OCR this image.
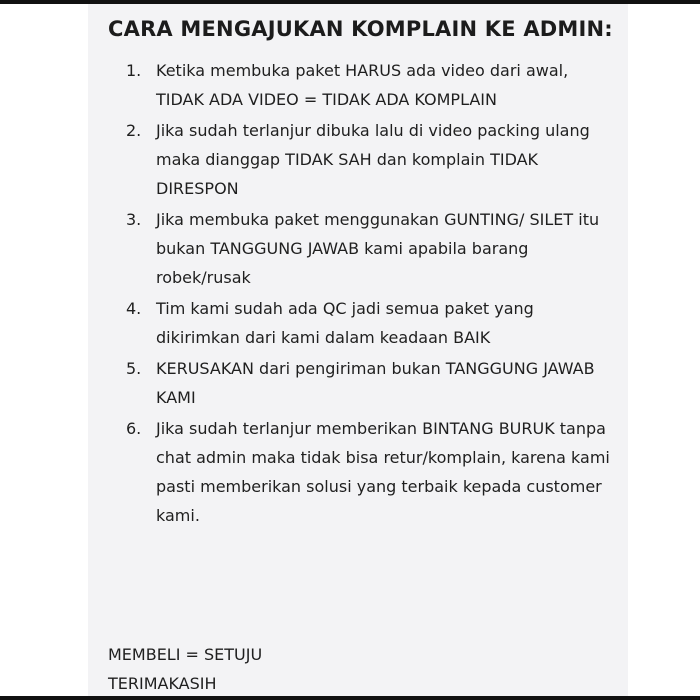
CARA MENGAJUKAN KOMPLAIN KE ADMIN:
1. Ketika membuka paket HARUS ada video dari awal, TIDAK ADA VIDEO = TIDAK ADA KOMPLAIN
2. Jika sudah terlanjur dibuka lalu di video packing ulang maka dianggap TIDAK SAH dan komplain TIDAK DIRESPON
3. Jika membuka paket menggunakan GUNTING/ SILET itu bukan TANGGUNG JAWAB kami apabila barang robek/rusak
4. Tim kami sudah ada QC jadi semua paket yang dikirimkan dari kami dalam keadaan BAIK
5. KERUSAKAN dari pengiriman bukan TANGGUNG JAWAB KAMI
6. Jika sudah terlanjur memberikan BINTANG BURUK tanpa chat admin maka tidak bisa retur/komplain, karena kami pasti memberikan solusi yang terbaik kepada customer kami.
MEMBELI = SETUJU
TERIMAKASIH
